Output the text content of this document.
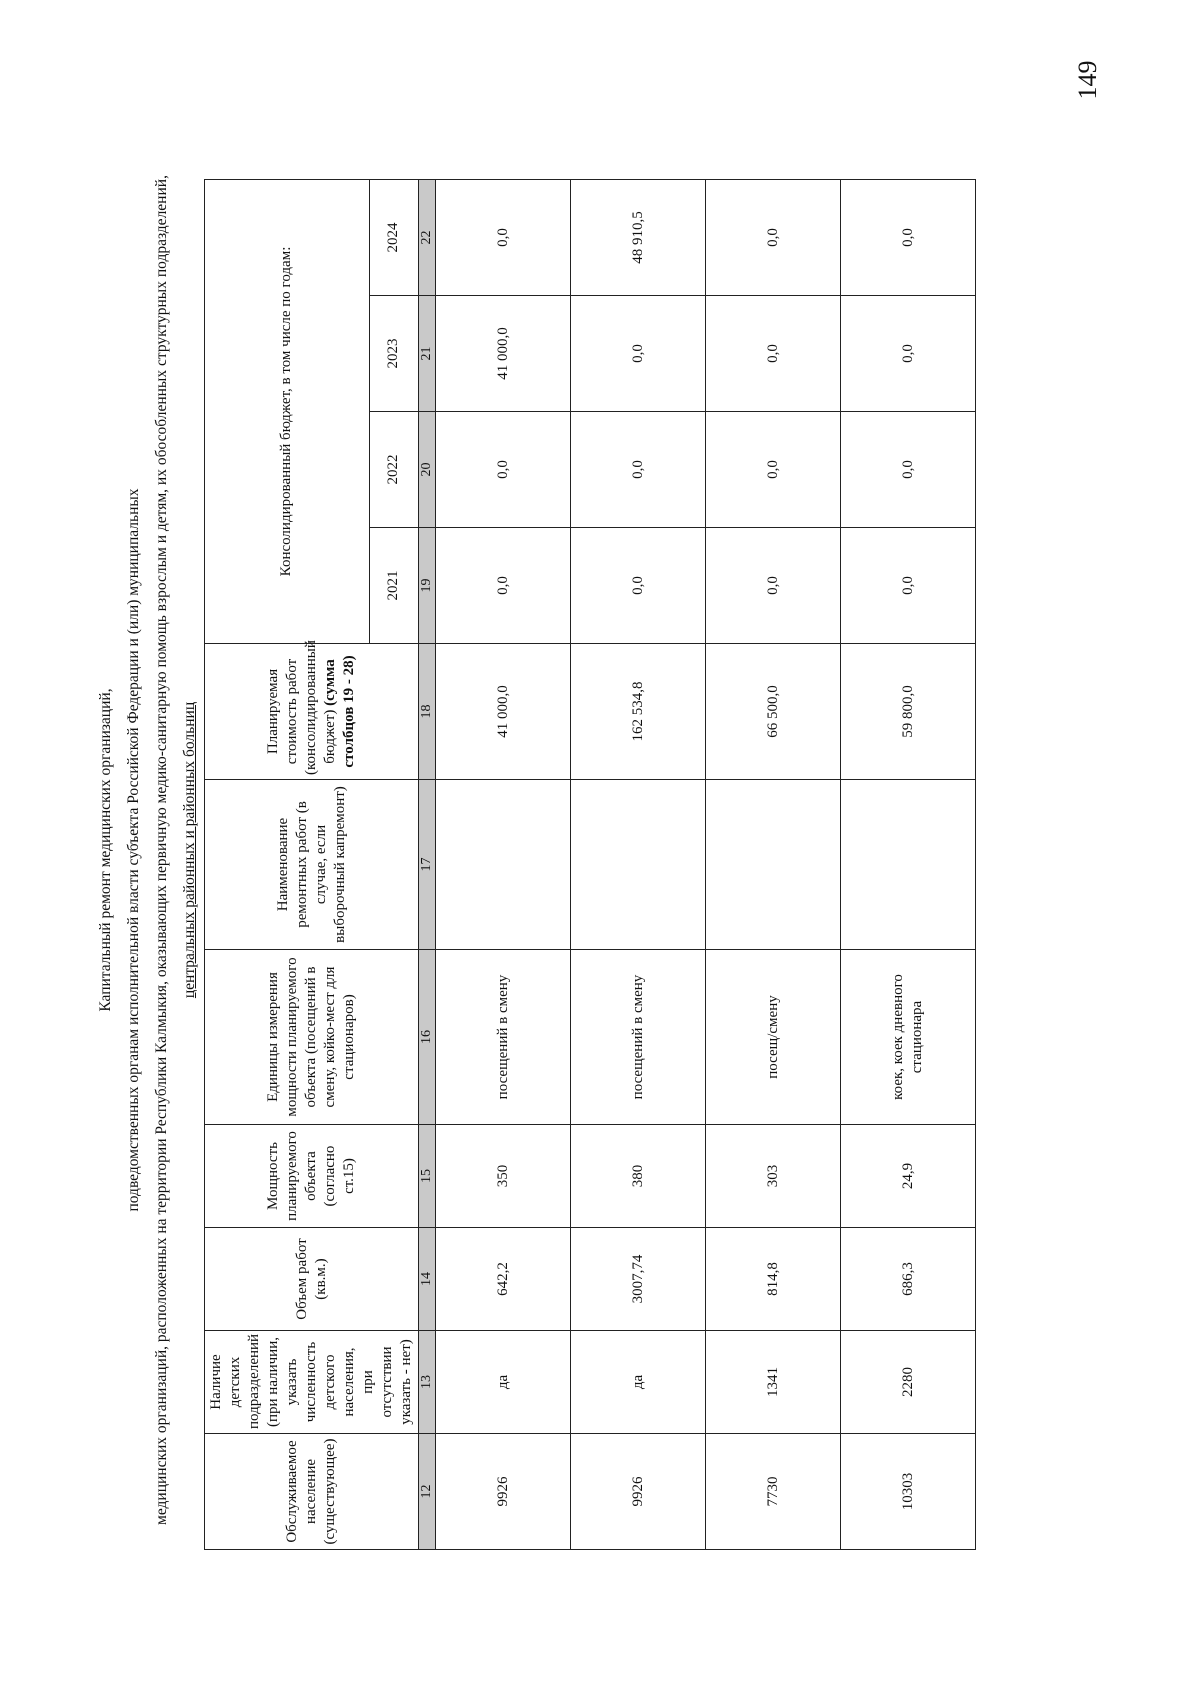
149
Капитальный ремонт медицинских организаций, подведомственных органам исполнительной власти субъекта Российской Федерации и (или) муниципальных медицинских организаций, расположенных на территории Республики Калмыкия, оказывающих первичную медико-санитарную помощь взрослым и детям, их обособленных структурных подразделений, центральных районных и районных больниц
Обслуживаемое население (существующее)	Наличие детских подразделений (при наличии, указать численность детского населения, при отсутствии указать - нет)	Объем работ (кв.м.)	Мощность планируемого объекта (согласно ст.15)	Единицы измерения мощности планируемого объекта (посещений в смену, койко-мест для стационаров)	Наименование ремонтных работ (в случае, если выборочный капремонт)	Планируемая стоимость работ (консолидированный бюджет) (сумма столбцов 19 - 28)	Консолидированный бюджет, в том числе по годам:			
							2021	2022	2023	2024
12	13	14	15	16	17	18	19	20	21	22
9926	да	642,2	350	посещений в смену		41 000,0	0,0	0,0	41 000,0	0,0
9926	да	3007,74	380	посещений в смену		162 534,8	0,0	0,0	0,0	48 910,5
7730	1341	814,8	303	посещ/смену		66 500,0	0,0	0,0	0,0	0,0
10303	2280	686,3	24,9	коек, коек дневного стационара		59 800,0	0,0	0,0	0,0	0,0
